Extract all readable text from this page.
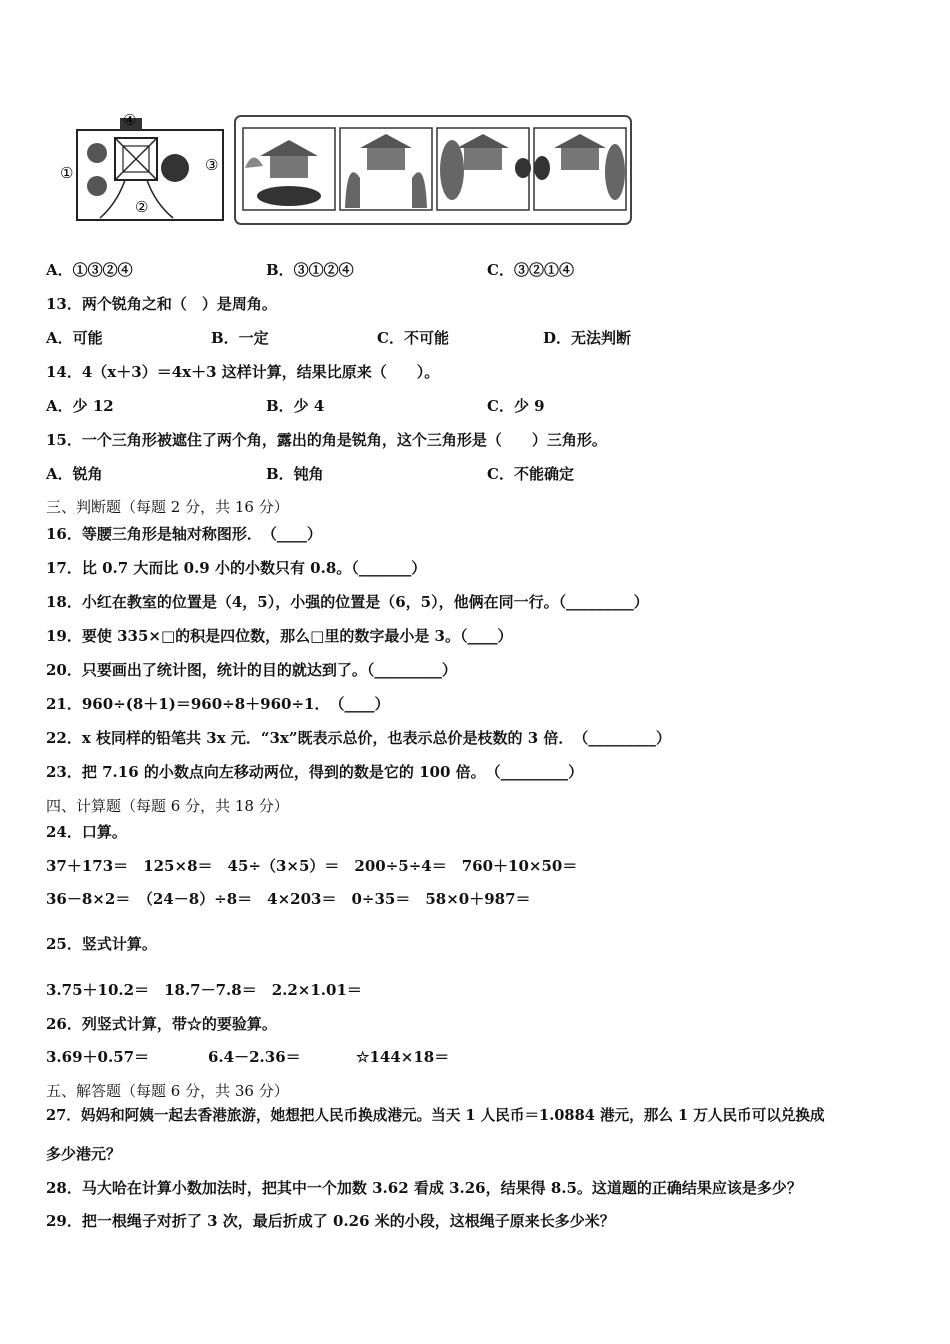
①
②
③
④
A．①③②④	B．③①②④	C．③②①④
13．两个锐角之和（　）是周角。
A．可能	B．一定	C．不可能	D．无法判断
14．4（x＋3）＝4x＋3 这样计算，结果比原来（　　）。
A．少 12	B．少 4	C．少 9
15．一个三角形被遮住了两个角，露出的角是锐角，这个三角形是（　　）三角形。
A．锐角	B．钝角	C．不能确定
三、判断题（每题 2 分，共 16 分）
16．等腰三角形是轴对称图形．　（____）
17．比 0.7 大而比 0.9 小的小数只有 0.8。（_______）
18．小红在教室的位置是（4，5），小强的位置是（6，5），他俩在同一行。（_________）
19．要使 335×□的积是四位数，那么□里的数字最小是 3。（____）
20．只要画出了统计图，统计的目的就达到了。（_________）
21．960÷(8＋1)＝960÷8＋960÷1．　（____）
22．x 枝同样的铅笔共 3x 元．“3x”既表示总价，也表示总价是枝数的 3 倍．　（_________）
23．把 7.16 的小数点向左移动两位，得到的数是它的 100 倍。　（_________）
四、计算题（每题 6 分，共 18 分）
24．口算。
37＋173＝　125×8＝　45÷（3×5）＝　200÷5÷4＝　760＋10×50＝
36－8×2＝　（24－8）÷8＝　4×203＝　0÷35＝　58×0＋987＝
25．竖式计算。
3.75＋10.2＝　18.7－7.8＝　2.2×1.01＝
26．列竖式计算，带☆的要验算。
3.69＋0.57＝	6.4－2.36＝	☆144×18＝
五、解答题（每题 6 分，共 36 分）
27．妈妈和阿姨一起去香港旅游，她想把人民币换成港元。当天 1 人民币＝1.0884 港元，那么 1 万人民币可以兑换成
多少港元？
28．马大哈在计算小数加法时，把其中一个加数 3.62 看成 3.26，结果得 8.5。这道题的正确结果应该是多少？
29．把一根绳子对折了 3 次，最后折成了 0.26 米的小段，这根绳子原来长多少米？
